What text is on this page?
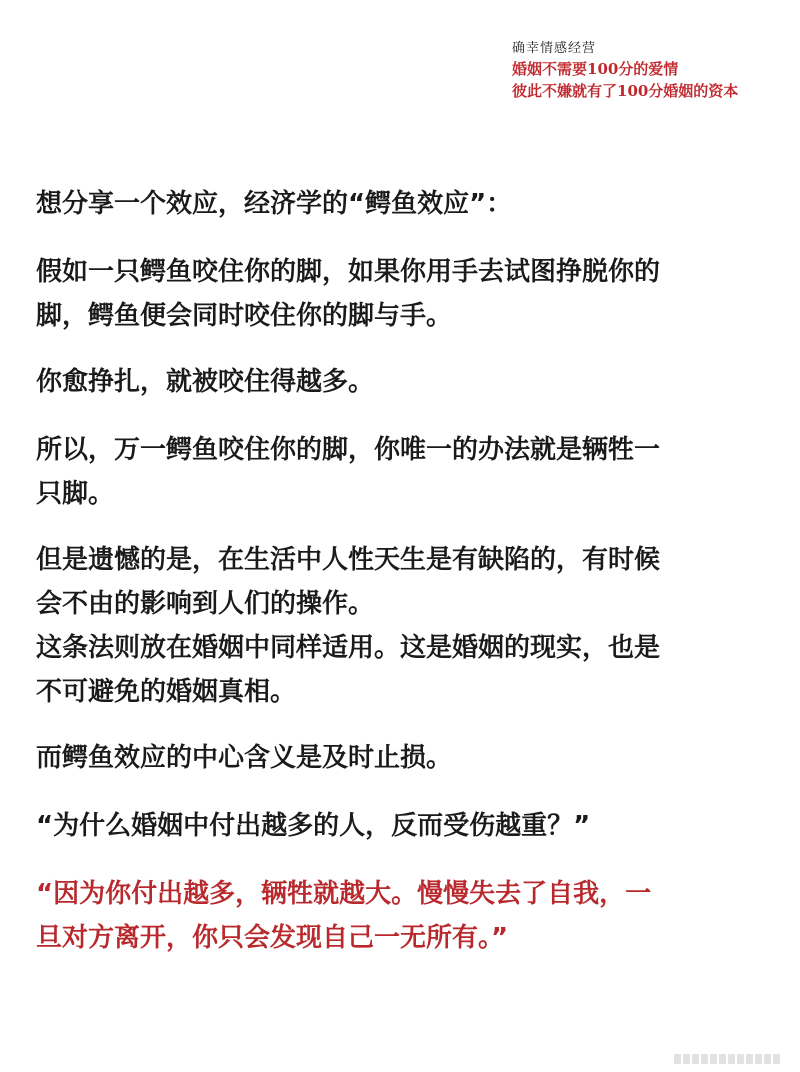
确幸情感经营
婚姻不需要100分的爱情
彼此不嫌就有了100分婚姻的资本

想分享一个效应，经济学的“鳄鱼效应”：

假如一只鳄鱼咬住你的脚，如果你用手去试图挣脱你的

脚，鳄鱼便会同时咬住你的脚与手。

你愈挣扎，就被咬住得越多。

所以，万一鳄鱼咬住你的脚，你唯一的办法就是辆牲一

只脚。

但是遗憾的是，在生活中人性天生是有缺陷的，有时候

会不由的影响到人们的操作。

这条法则放在婚姻中同样适用。这是婚姻的现实，也是

不可避免的婚姻真相。

而鳄鱼效应的中心含义是及时止损。

“为什么婚姻中付出越多的人，反而受伤越重？”

“因为你付出越多，辆牲就越大。慢慢失去了自我，一

旦对方离开，你只会发现自己一无所有。”
